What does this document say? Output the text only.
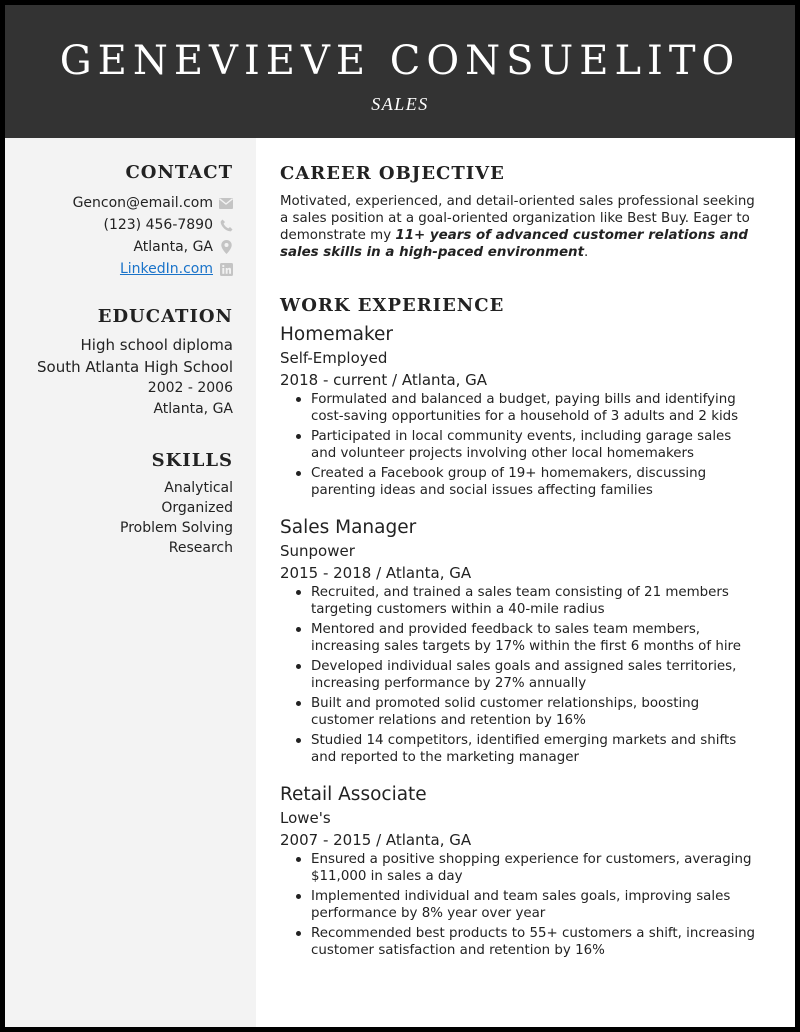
GENEVIEVE CONSUELITO
SALES
CONTACT
Gencon@email.com
(123) 456-7890
Atlanta, GA
LinkedIn.com
EDUCATION
High school diploma
South Atlanta High School
2002 - 2006
Atlanta, GA
SKILLS
Analytical
Organized
Problem Solving
Research
CAREER OBJECTIVE

Motivated, experienced, and detail-oriented sales professional seeking a sales position at a goal-oriented organization like Best Buy. Eager to demonstrate my 11+ years of advanced customer relations and sales skills in a high-paced environment.

WORK EXPERIENCE
Homemaker
Self-Employed
2018 - current / Atlanta, GA
Formulated and balanced a budget, paying bills and identifying cost-saving opportunities for a household of 3 adults and 2 kids
Participated in local community events, including garage sales and volunteer projects involving other local homemakers
Created a Facebook group of 19+ homemakers, discussing parenting ideas and social issues affecting families
Sales Manager
Sunpower
2015 - 2018 / Atlanta, GA
Recruited, and trained a sales team consisting of 21 members targeting customers within a 40-mile radius
Mentored and provided feedback to sales team members, increasing sales targets by 17% within the first 6 months of hire
Developed individual sales goals and assigned sales territories, increasing performance by 27% annually
Built and promoted solid customer relationships, boosting customer relations and retention by 16%
Studied 14 competitors, identified emerging markets and shifts and reported to the marketing manager
Retail Associate
Lowe's
2007 - 2015 / Atlanta, GA
Ensured a positive shopping experience for customers, averaging $11,000 in sales a day
Implemented individual and team sales goals, improving sales performance by 8% year over year
Recommended best products to 55+ customers a shift, increasing customer satisfaction and retention by 16%
